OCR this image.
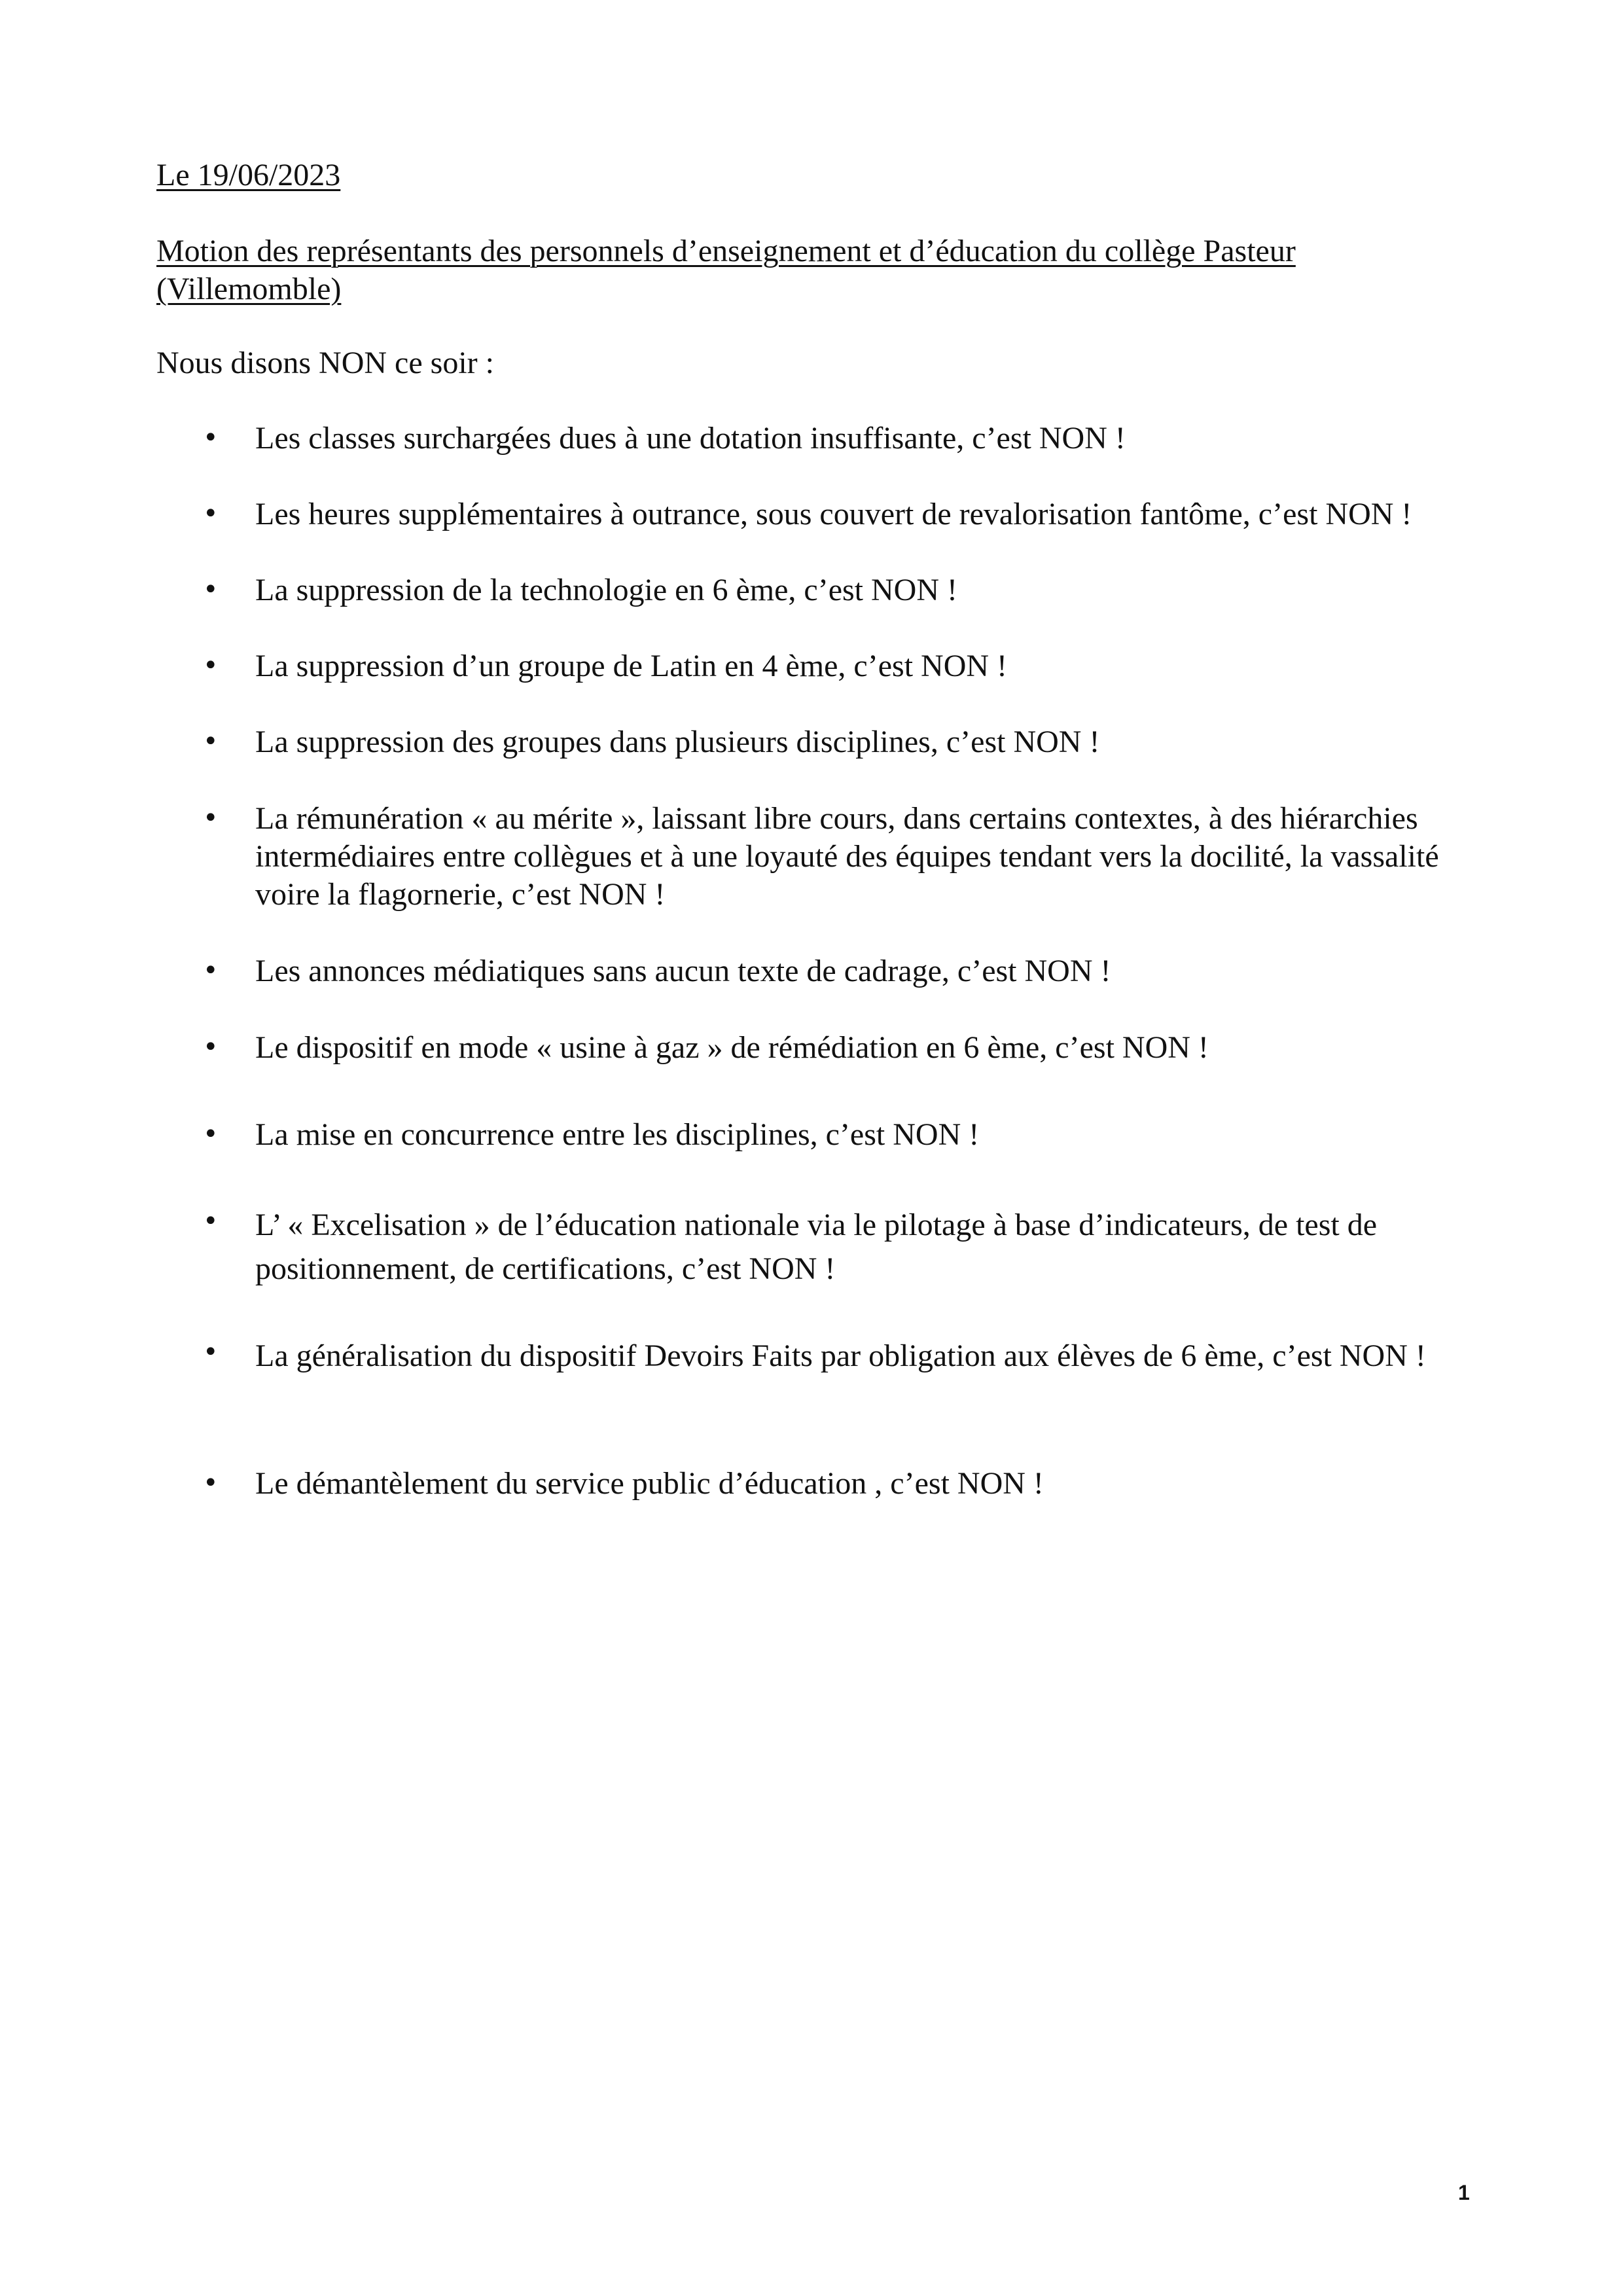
Le 19/06/2023
Motion des représentants des personnels d’enseignement et d’éducation du collège Pasteur (Villemomble)
Nous disons NON ce soir :
• Les classes surchargées dues à une dotation insuffisante, c’est NON !
• Les heures supplémentaires à outrance, sous couvert de revalorisation fantôme, c’est NON !
• La suppression de la technologie en 6 ème, c’est NON !
• La suppression d’un groupe de Latin en 4 ème, c’est NON !
• La suppression des groupes dans plusieurs disciplines, c’est NON !
• La rémunération « au mérite », laissant libre cours, dans certains contextes, à des hiérarchies intermédiaires entre collègues et à une loyauté des équipes tendant vers la docilité, la vassalité voire la flagornerie, c’est NON !
• Les annonces médiatiques sans aucun texte de cadrage, c’est NON !
• Le dispositif en mode « usine à gaz » de rémédiation en 6 ème, c’est NON !
• La mise en concurrence entre les disciplines, c’est NON !
• L’ « Excelisation » de l’éducation nationale via le pilotage à base d’indicateurs, de test de positionnement, de certifications, c’est NON !
• La généralisation du dispositif Devoirs Faits par obligation aux élèves de 6 ème, c’est NON !
• Le démantèlement du service public d’éducation , c’est NON !
1
